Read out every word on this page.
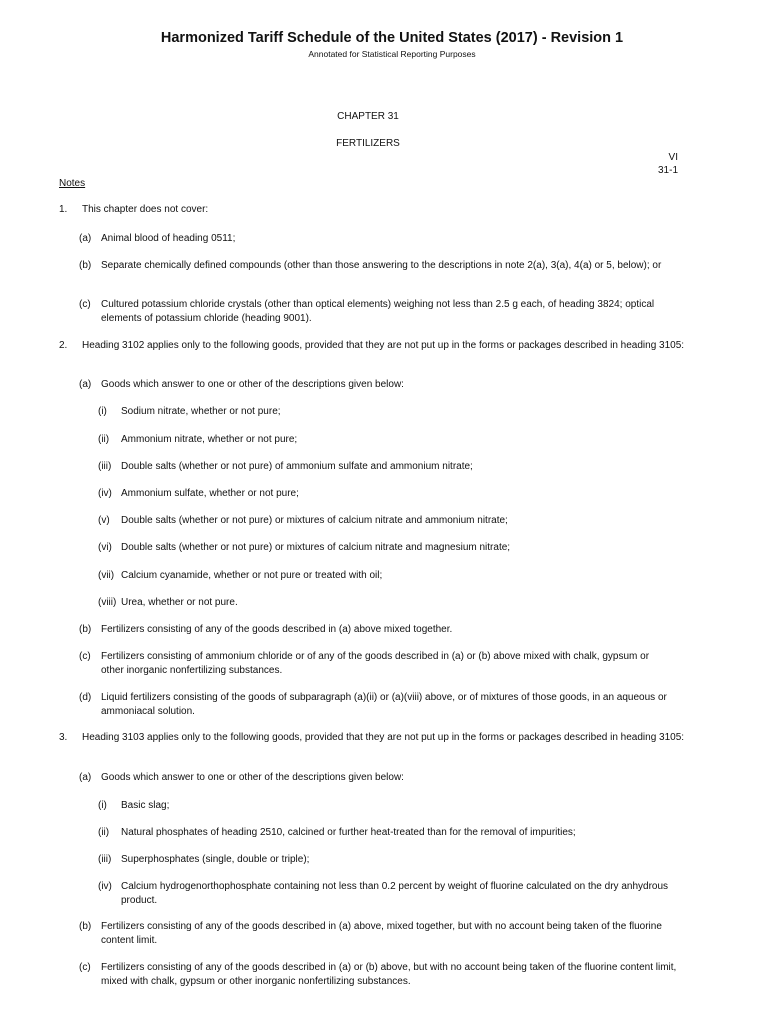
Harmonized Tariff Schedule of the United States (2017) - Revision 1
Annotated for Statistical Reporting Purposes
CHAPTER 31
FERTILIZERS
VI
31-1
Notes
1. This chapter does not cover:
(a) Animal blood of heading 0511;
(b) Separate chemically defined compounds (other than those answering to the descriptions in note 2(a), 3(a), 4(a) or 5, below); or
(c) Cultured potassium chloride crystals (other than optical elements) weighing not less than 2.5 g each, of heading 3824; optical elements of potassium chloride (heading 9001).
2. Heading 3102 applies only to the following goods, provided that they are not put up in the forms or packages described in heading 3105:
(a) Goods which answer to one or other of the descriptions given below:
(i) Sodium nitrate, whether or not pure;
(ii) Ammonium nitrate, whether or not pure;
(iii) Double salts (whether or not pure) of ammonium sulfate and ammonium nitrate;
(iv) Ammonium sulfate, whether or not pure;
(v) Double salts (whether or not pure) or mixtures of calcium nitrate and ammonium nitrate;
(vi) Double salts (whether or not pure) or mixtures of calcium nitrate and magnesium nitrate;
(vii) Calcium cyanamide, whether or not pure or treated with oil;
(viii) Urea, whether or not pure.
(b) Fertilizers consisting of any of the goods described in (a) above mixed together.
(c) Fertilizers consisting of ammonium chloride or of any of the goods described in (a) or (b) above mixed with chalk, gypsum or other inorganic nonfertilizing substances.
(d) Liquid fertilizers consisting of the goods of subparagraph (a)(ii) or (a)(viii) above, or of mixtures of those goods, in an aqueous or ammoniacal solution.
3. Heading 3103 applies only to the following goods, provided that they are not put up in the forms or packages described in heading 3105:
(a) Goods which answer to one or other of the descriptions given below:
(i) Basic slag;
(ii) Natural phosphates of heading 2510, calcined or further heat-treated than for the removal of impurities;
(iii) Superphosphates (single, double or triple);
(iv) Calcium hydrogenorthophosphate containing not less than 0.2 percent by weight of fluorine calculated on the dry anhydrous product.
(b) Fertilizers consisting of any of the goods described in (a) above, mixed together, but with no account being taken of the fluorine content limit.
(c) Fertilizers consisting of any of the goods described in (a) or (b) above, but with no account being taken of the fluorine content limit, mixed with chalk, gypsum or other inorganic nonfertilizing substances.
